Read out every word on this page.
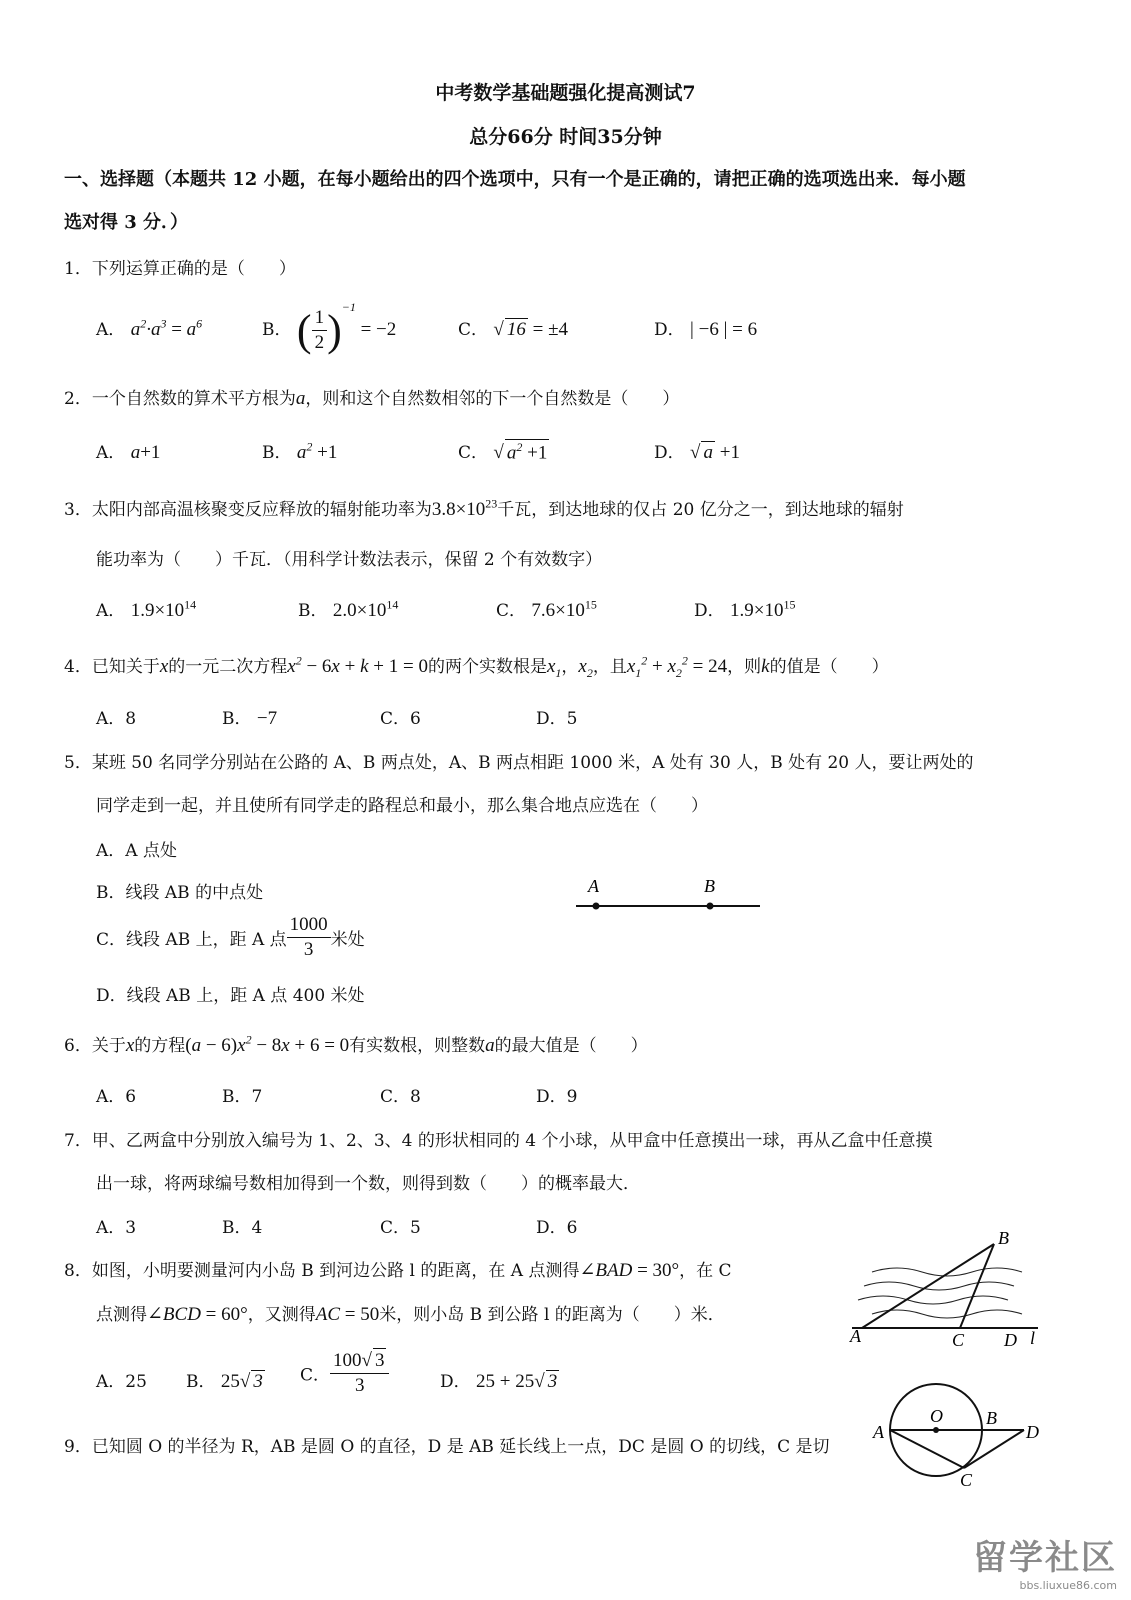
中考数学基础题强化提高测试7
总分66分 时间35分钟
一、选择题（本题共 12 小题，在每小题给出的四个选项中，只有一个是正确的，请把正确的选项选出来．每小题
选对得 3 分．）
1．下列运算正确的是（　　）
A． $a^2\cdot a^3 = a^6$	B． ( $\frac{1}{2} )^{-1} = -2$	C． √ 16 = ±4	D． | −6 | = 6
2．一个自然数的算术平方根为a，则和这个自然数相邻的下一个自然数是（　　）
A． a+1	B． $a^2 +1$	C． √ $a^2 +1$	D． √ a +1
3．太阳内部高温核聚变反应释放的辐射能功率为$3.8\times 10^{23}$千瓦，到达地球的仅占 20 亿分之一，到达地球的辐射
能功率为（　　）千瓦．（用科学计数法表示，保留 2 个有效数字）
A． $1.9\times 10^{14}$	B． $2.0\times 10^{14}$	C． $7.6\times 10^{15}$	D． $1.9\times 10^{15}$
4．已知关于x的一元二次方程$x^2 - 6x + k + 1 = 0$的两个实数根是$x_1$，$x_2$，且$x_1^2 + x_2^2 = 24$，则k的值是（　　）
A．8	B． −7	C．6	D．5
5．某班 50 名同学分别站在公路的 A、B 两点处，A、B 两点相距 1000 米，A 处有 30 人，B 处有 20 人，要让两处的
同学走到一起，并且使所有同学走的路程总和最小，那么集合地点应选在（　　）
A．A 点处
B．线段 AB 的中点处
C．线段 AB 上，距 A 点 $\frac{1000}{3}$ 米处
D．线段 AB 上，距 A 点 400 米处
A	B
6．关于x的方程$(a - 6)x^2 - 8x + 6 = 0$有实数根，则整数a的最大值是（　　）
A．6	B．7	C．8	D．9
7．甲、乙两盒中分别放入编号为 1、2、3、4 的形状相同的 4 个小球，从甲盒中任意摸出一球，再从乙盒中任意摸
出一球，将两球编号数相加得到一个数，则得到数（　　）的概率最大．
A．3	B．4	C．5	D．6
8．如图，小明要测量河内小岛 B 到河边公路 l 的距离，在 A 点测得∠BAD = 30°，在 C
点测得∠BCD = 60°，又测得AC = 50米，则小岛 B 到公路 l 的距离为（　　）米．
A．25 B． 25√ 3 C． $\frac{100√ 3}{3}$	D． 25 + 25√ 3
A
B
C D l
9．已知圆 O 的半径为 R，AB 是圆 O 的直径，D 是 AB 延长线上一点，DC 是圆 O 的切线，C 是切
A
O B
D
C
留学社区
bbs.liuxue86.com
